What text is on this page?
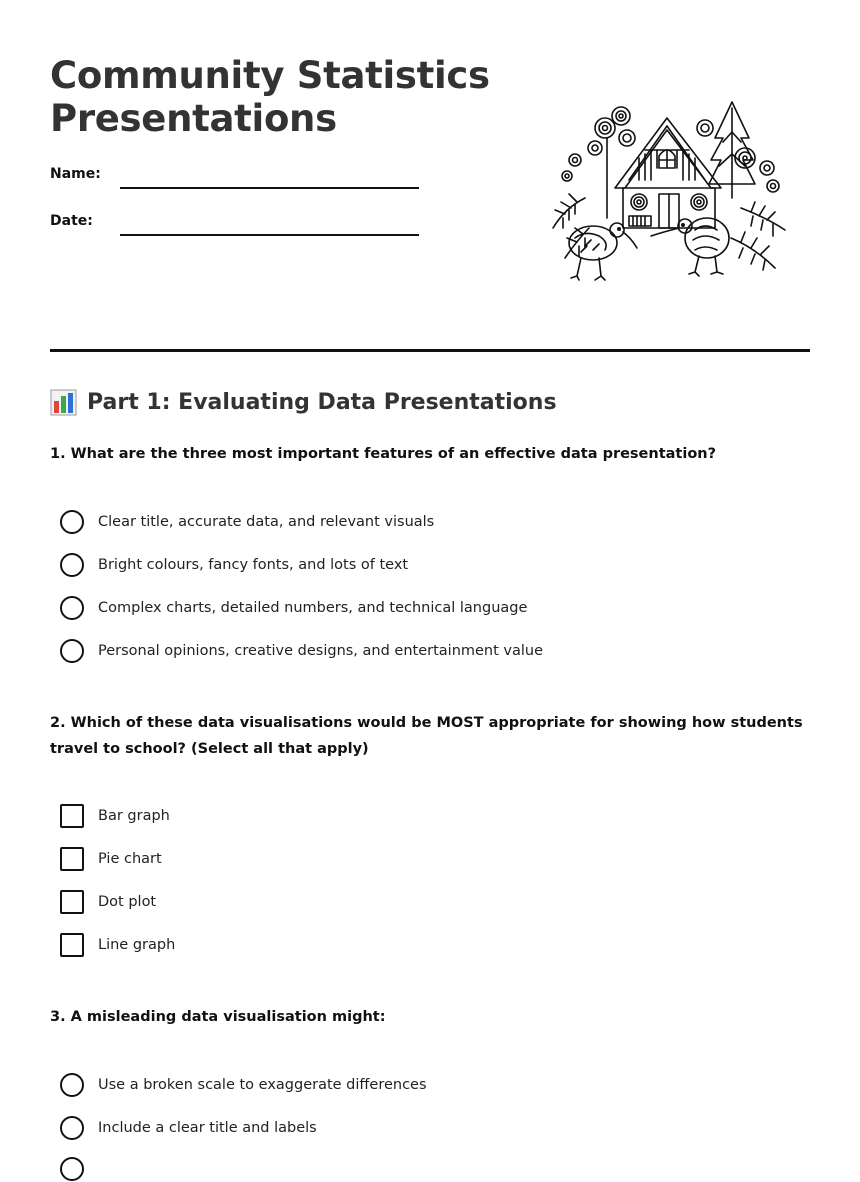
Community Statistics
Presentations
Name:
Date:
Part 1: Evaluating Data Presentations

1. What are the three most important features of an effective data presentation?

Clear title, accurate data, and relevant visuals
Bright colours, fancy fonts, and lots of text
Complex charts, detailed numbers, and technical language
Personal opinions, creative designs, and entertainment value

2. Which of these data visualisations would be MOST appropriate for showing how students travel to school? (Select all that apply)

Bar graph
Pie chart
Dot plot
Line graph

3. A misleading data visualisation might:

Use a broken scale to exaggerate differences
Include a clear title and labels
